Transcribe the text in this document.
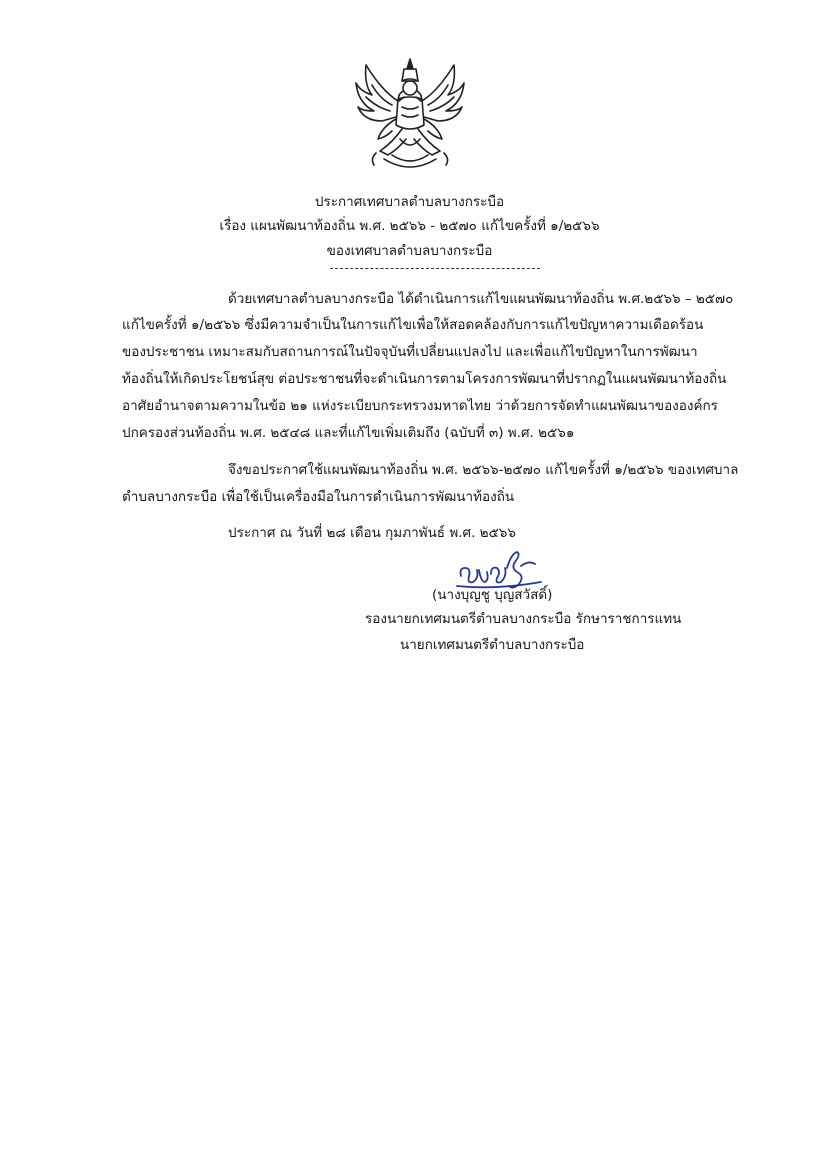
ประกาศเทศบาลตำบลบางกระบือ
เรื่อง แผนพัฒนาท้องถิ่น พ.ศ. ๒๕๖๖ - ๒๕๗๐ แก้ไขครั้งที่ ๑/๒๕๖๖
ของเทศบาลตำบลบางกระบือ
ด้วยเทศบาลตำบลบางกระบือ ได้ดำเนินการแก้ไขแผนพัฒนาท้องถิ่น พ.ศ.๒๕๖๖ – ๒๕๗๐
แก้ไขครั้งที่ ๑/๒๕๖๖ ซึ่งมีความจำเป็นในการแก้ไขเพื่อให้สอดคล้องกับการแก้ไขปัญหาความเดือดร้อน
ของประชาชน เหมาะสมกับสถานการณ์ในปัจจุบันที่เปลี่ยนแปลงไป และเพื่อแก้ไขปัญหาในการพัฒนา
ท้องถิ่นให้เกิดประโยชน์สุข ต่อประชาชนที่จะดำเนินการตามโครงการพัฒนาที่ปรากฏในแผนพัฒนาท้องถิ่น
อาศัยอำนาจตามความในข้อ ๒๑ แห่งระเบียบกระทรวงมหาดไทย ว่าด้วยการจัดทำแผนพัฒนาขององค์กร
ปกครองส่วนท้องถิ่น พ.ศ. ๒๕๔๘ และที่แก้ไขเพิ่มเติมถึง (ฉบับที่ ๓) พ.ศ. ๒๕๖๑
จึงขอประกาศใช้แผนพัฒนาท้องถิ่น พ.ศ. ๒๕๖๖-๒๕๗๐ แก้ไขครั้งที่ ๑/๒๕๖๖ ของเทศบาล
ตำบลบางกระบือ เพื่อใช้เป็นเครื่องมือในการดำเนินการพัฒนาท้องถิ่น
ประกาศ ณ วันที่ ๒๘ เดือน กุมภาพันธ์ พ.ศ. ๒๕๖๖
(นางบุญชู บุญสวัสดิ์)
รองนายกเทศมนตรีตำบลบางกระบือ รักษาราชการแทน
นายกเทศมนตรีตำบลบางกระบือ
